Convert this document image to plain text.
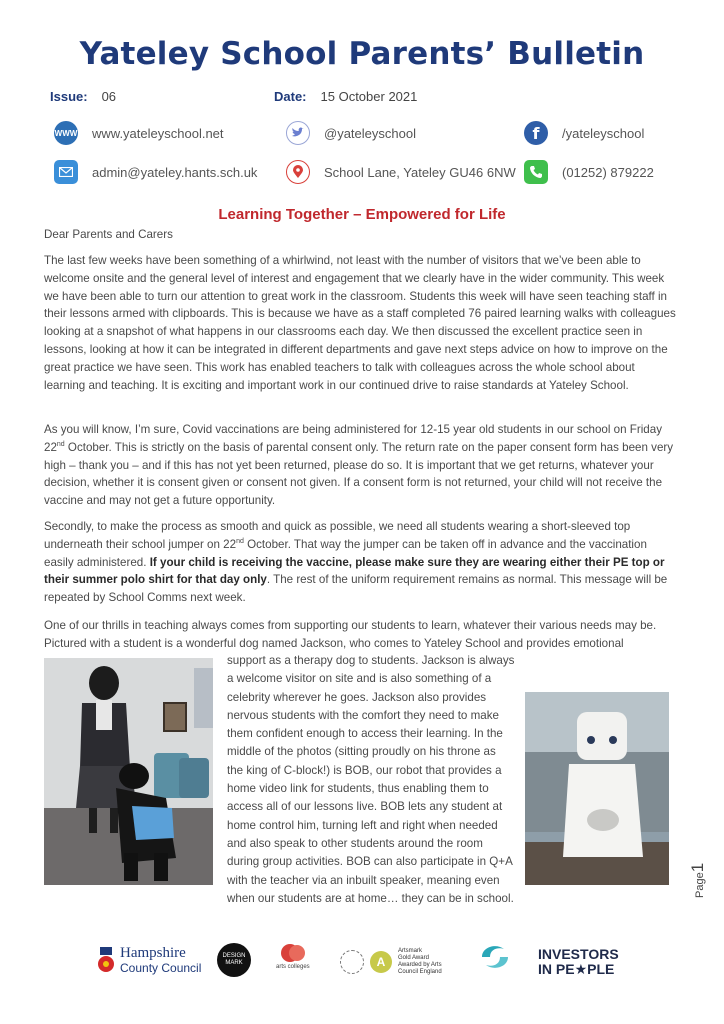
Yateley School Parents’ Bulletin
Issue: 06	Date: 15 October 2021
WWW www.yateleyschool.net	@yateleyschool	f	/yateleyschool
admin@yateley.hants.sch.uk	School Lane, Yateley GU46 6NW	(01252) 879222
Learning Together – Empowered for Life

Dear Parents and Carers

The last few weeks have been something of a whirlwind, not least with the number of visitors that we’ve been able to welcome onsite and the general level of interest and engagement that we clearly have in the wider community. This week we have been able to turn our attention to great work in the classroom. Students this week will have seen teaching staff in their lessons armed with clipboards. This is because we have as a staff completed 76 paired learning walks with colleagues looking at a snapshot of what happens in our classrooms each day. We then discussed the excellent practice seen in lessons, looking at how it can be integrated in different departments and gave next steps advice on how to improve on the great practice we have seen. This work has enabled teachers to talk with colleagues across the whole school about learning and teaching. It is exciting and important work in our continued drive to raise standards at Yateley School.

As you will know, I’m sure, Covid vaccinations are being administered for 12-15 year old students in our school on Friday 22nd October. This is strictly on the basis of parental consent only. The return rate on the paper consent form has been very high – thank you – and if this has not yet been returned, please do so. It is important that we get returns, whatever your decision, whether it is consent given or consent not given. If a consent form is not returned, your child will not receive the vaccine and may not get a future opportunity.

Secondly, to make the process as smooth and quick as possible, we need all students wearing a short-sleeved top underneath their school jumper on 22nd October. That way the jumper can be taken off in advance and the vaccination easily administered. If your child is receiving the vaccine, please make sure they are wearing either their PE top or their summer polo shirt for that day only. The rest of the uniform requirement remains as normal. This message will be repeated by School Comms next week.

One of our thrills in teaching always comes from supporting our students to learn, whatever their various needs may be. Pictured with a student is a wonderful dog named Jackson, who comes to Yateley School and provides emotional

support as a therapy dog to students. Jackson is always a welcome visitor on site and is also something of a celebrity wherever he goes. Jackson also provides nervous students with the comfort they need to make them confident enough to access their learning. In the middle of the photos (sitting proudly on his throne as the king of C-block!) is BOB, our robot that provides a home video link for students, thus enabling them to access all of our lessons live. BOB lets any student at home control him, turning left and right when needed and also speak to other students around the room during group activities. BOB can also participate in Q+A with the teacher via an inbuilt speaker, meaning even when our students are at home… they can be in school.

Page1
Hampshire
County Council
DESIGN MARK
arts colleges	A
Artsmark
Gold Award
Awarded by Arts Council England
INVESTORS
IN PE★PLE
